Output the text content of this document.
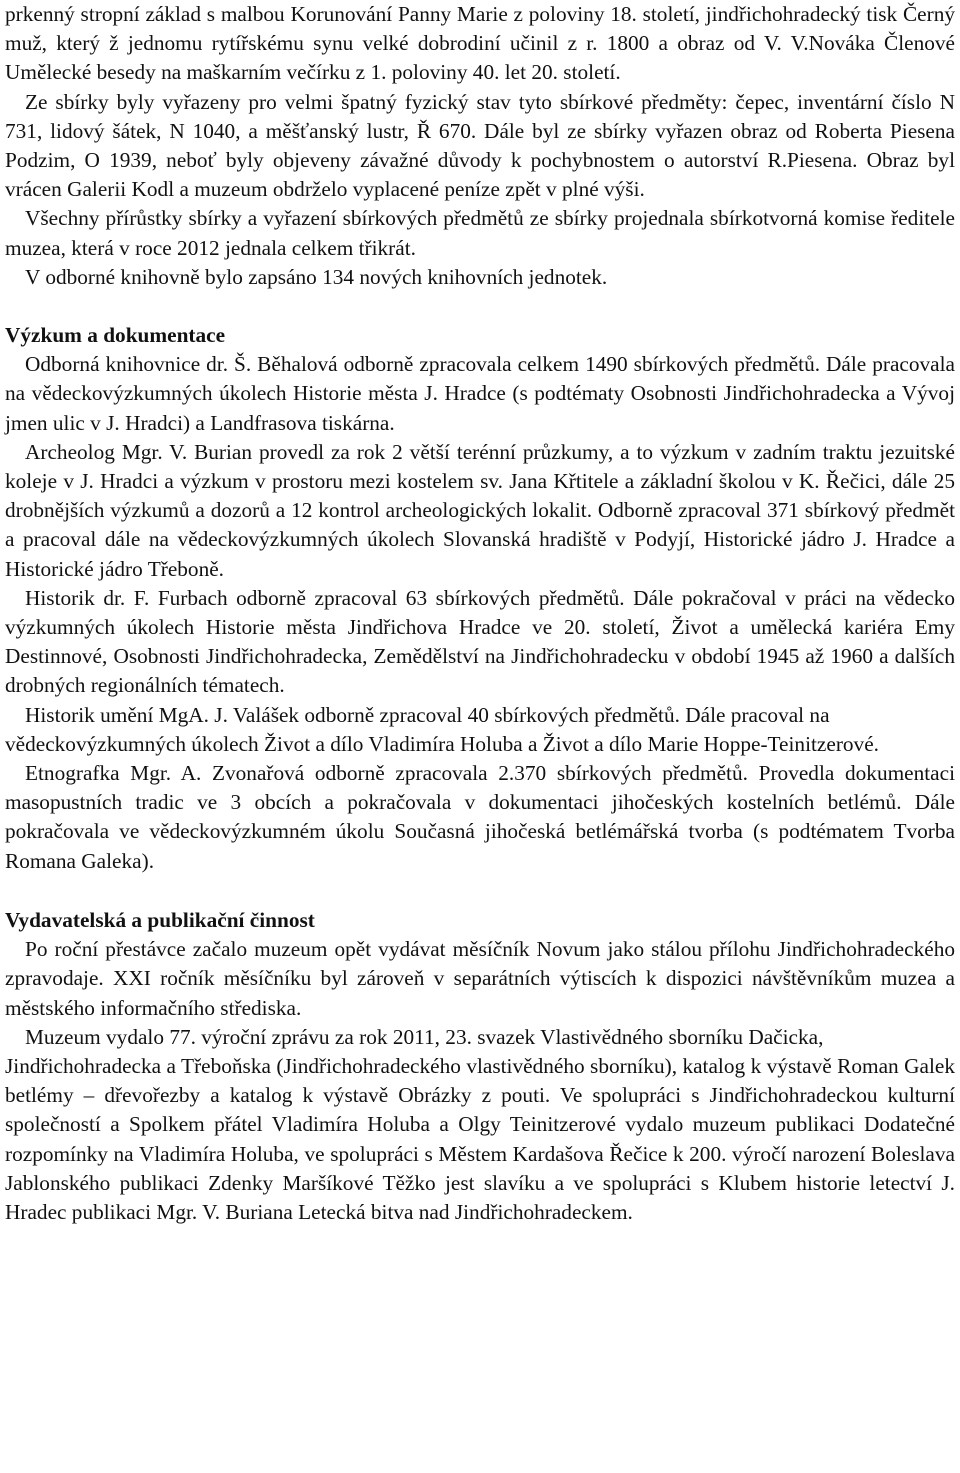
prkenný stropní základ s malbou Korunování Panny Marie z poloviny 18. století, jindřichohradecký tisk Černý muž, který ž jednomu rytířskému synu velké dobrodiní učinil z r. 1800 a obraz od V. V.Nováka Členové Umělecké besedy na maškarním večírku z 1. poloviny 40. let 20. století.

Ze sbírky byly vyřazeny pro velmi špatný fyzický stav tyto sbírkové předměty: čepec, inventární číslo N 731, lidový šátek, N 1040, a měšťanský lustr, Ř 670. Dále byl ze sbírky vyřazen obraz od Roberta Piesena Podzim, O 1939, neboť byly objeveny závažné důvody k pochybnostem o autorství R.Piesena. Obraz byl vrácen Galerii Kodl a muzeum obdrželo vyplacené peníze zpět v plné výši.

Všechny přírůstky sbírky a vyřazení sbírkových předmětů ze sbírky projednala sbírkotvorná komise ředitele muzea, která v roce 2012 jednala celkem třikrát.

V odborné knihovně bylo zapsáno 134 nových knihovních jednotek.

Výzkum a dokumentace

Odborná knihovnice dr. Š. Běhalová odborně zpracovala celkem 1490 sbírkových předmětů. Dále pracovala na vědeckovýzkumných úkolech Historie města J. Hradce (s podtématy Osobnosti Jindřichohradecka a Vývoj jmen ulic v J. Hradci) a Landfrasova tiskárna.

Archeolog Mgr. V. Burian provedl za rok 2 větší terénní průzkumy, a to výzkum v zadním traktu jezuitské koleje v J. Hradci a výzkum v prostoru mezi kostelem sv. Jana Křtitele a základní školou v K. Řečici, dále 25 drobnějších výzkumů a dozorů a 12 kontrol archeologických lokalit. Odborně zpracoval 371 sbírkový předmět a pracoval dále na vědeckovýzkumných úkolech Slovanská hradiště v Podyjí, Historické jádro J. Hradce a Historické jádro Třeboně.

Historik dr. F. Furbach odborně zpracoval 63 sbírkových předmětů. Dále pokračoval v práci na vědecko výzkumných úkolech Historie města Jindřichova Hradce ve 20. století, Život a umělecká kariéra Emy Destinnové, Osobnosti Jindřichohradecka, Zemědělství na Jindřichohradecku v období 1945 až 1960 a dalších drobných regionálních tématech.

Historik umění MgA. J. Valášek odborně zpracoval 40 sbírkových předmětů. Dále pracoval na

vědeckovýzkumných úkolech Život a dílo Vladimíra Holuba a Život a dílo Marie Hoppe-Teinitzerové.

Etnografka Mgr. A. Zvonařová odborně zpracovala 2.370 sbírkových předmětů. Provedla dokumentaci masopustních tradic ve 3 obcích a pokračovala v dokumentaci jihočeských kostelních betlémů. Dále pokračovala ve vědeckovýzkumném úkolu Současná jihočeská betlémářská tvorba (s podtématem Tvorba Romana Galeka).

Vydavatelská a publikační činnost

Po roční přestávce začalo muzeum opět vydávat měsíčník Novum jako stálou přílohu Jindřichohradeckého zpravodaje. XXI ročník měsíčníku byl zároveň v separátních výtiscích k dispozici návštěvníkům muzea a městského informačního střediska.

Muzeum vydalo 77. výroční zprávu za rok 2011, 23. svazek Vlastivědného sborníku Dačicka,

Jindřichohradecka a Třeboňska (Jindřichohradeckého vlastivědného sborníku), katalog k výstavě Roman Galek betlémy – dřevořezby a katalog k výstavě Obrázky z pouti. Ve spolupráci s Jindřichohradeckou kulturní společností a Spolkem přátel Vladimíra Holuba a Olgy Teinitzerové vydalo muzeum publikaci Dodatečné rozpomínky na Vladimíra Holuba, ve spolupráci s Městem Kardašova Řečice k 200. výročí narození Boleslava Jablonského publikaci Zdenky Maršíkové Těžko jest slavíku a ve spolupráci s Klubem historie letectví J. Hradec publikaci Mgr. V. Buriana Letecká bitva nad Jindřichohradeckem.
